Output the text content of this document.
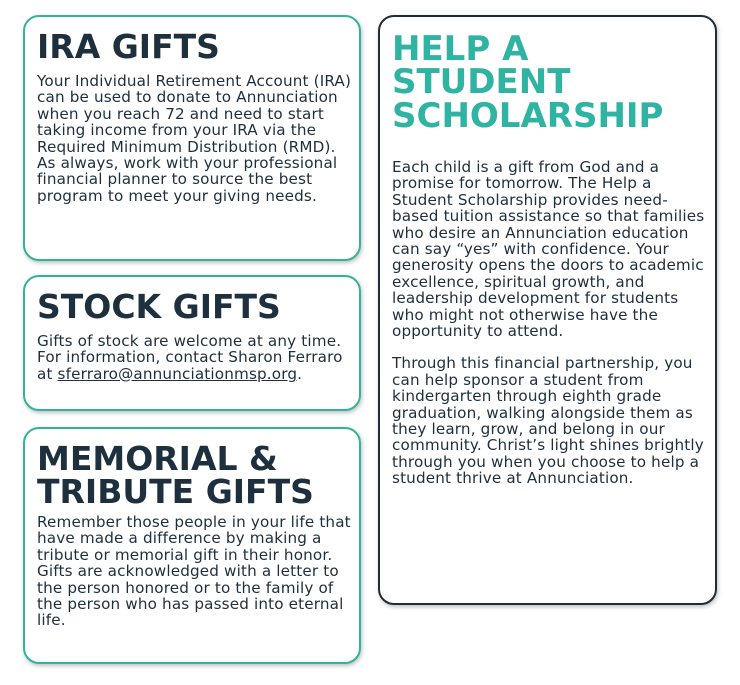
IRA GIFTS

Your Individual Retirement Account (IRA) can be used to donate to Annunciation when you reach 72 and need to start taking income from your IRA via the Required Minimum Distribution (RMD). As always, work with your professional financial planner to source the best program to meet your giving needs.

STOCK GIFTS

Gifts of stock are welcome at any time. For information, contact Sharon Ferraro at sferraro@annunciationmsp.org.

MEMORIAL &
TRIBUTE GIFTS

Remember those people in your life that have made a difference by making a tribute or memorial gift in their honor. Gifts are acknowledged with a letter to the person honored or to the family of the person who has passed into eternal life.

HELP A
STUDENT
SCHOLARSHIP

Each child is a gift from God and a promise for tomorrow. The Help a Student Scholarship provides need-based tuition assistance so that families who desire an Annunciation education can say “yes” with confidence. Your generosity opens the doors to academic excellence, spiritual growth, and leadership development for students who might not otherwise have the opportunity to attend.

Through this financial partnership, you can help sponsor a student from kindergarten through eighth grade graduation, walking alongside them as they learn, grow, and belong in our community. Christ’s light shines brightly through you when you choose to help a student thrive at Annunciation.
